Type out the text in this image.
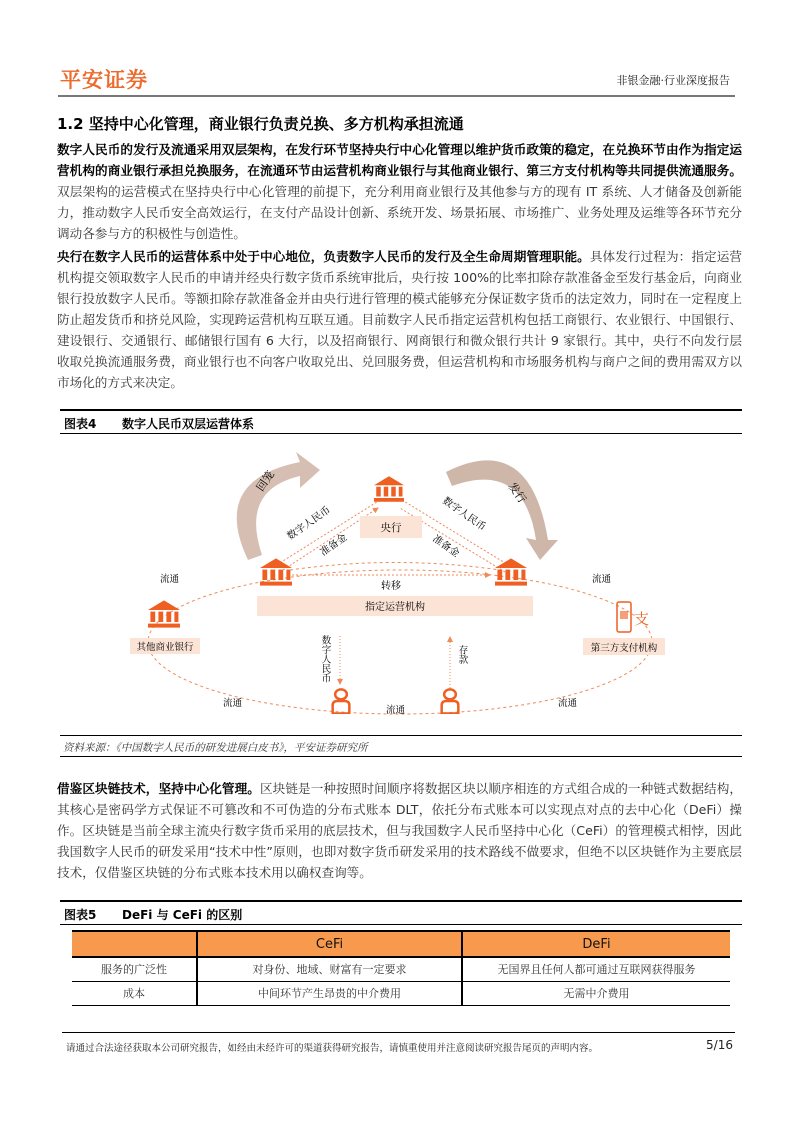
平安证券	非银金融·行业深度报告
1.2 坚持中心化管理，商业银行负责兑换、多方机构承担流通
数字人民币的发行及流通采用双层架构，在发行环节坚持央行中心化管理以维护货币政策的稳定，在兑换环节由作为指定运营机构的商业银行承担兑换服务，在流通环节由运营机构商业银行与其他商业银行、第三方支付机构等共同提供流通服务。双层架构的运营模式在坚持央行中心化管理的前提下，充分利用商业银行及其他参与方的现有 IT 系统、人才储备及创新能力，推动数字人民币安全高效运行，在支付产品设计创新、系统开发、场景拓展、市场推广、业务处理及运维等各环节充分调动各参与方的积极性与创造性。
央行在数字人民币的运营体系中处于中心地位，负责数字人民币的发行及全生命周期管理职能。具体发行过程为：指定运营机构提交领取数字人民币的申请并经央行数字货币系统审批后，央行按 100%的比率扣除存款准备金至发行基金后，向商业银行投放数字人民币。等额扣除存款准备金并由央行进行管理的模式能够充分保证数字货币的法定效力，同时在一定程度上防止超发货币和挤兑风险，实现跨运营机构互联互通。目前数字人民币指定运营机构包括工商银行、农业银行、中国银行、建设银行、交通银行、邮储银行国有 6 大行，以及招商银行、网商银行和微众银行共计 9 家银行。其中，央行不向发行层收取兑换流通服务费，商业银行也不向客户收取兑出、兑回服务费，但运营机构和市场服务机构与商户之间的费用需双方以市场化的方式来决定。
图表4 数字人民币双层运营体系
回笼	发行
央行
数字人民币
准备金
数字人民币
准备金
转移
指定运营机构
其他商业银行
支
第三方支付机构
流通	流通
流通
流通
流通
数字人民币	存款
资料来源：《中国数字人民币的研发进展白皮书》，平安证券研究所
借鉴区块链技术，坚持中心化管理。区块链是一种按照时间顺序将数据区块以顺序相连的方式组合成的一种链式数据结构，其核心是密码学方式保证不可篡改和不可伪造的分布式账本 DLT，依托分布式账本可以实现点对点的去中心化（DeFi）操作。区块链是当前全球主流央行数字货币采用的底层技术，但与我国数字人民币坚持中心化（CeFi）的管理模式相悖，因此我国数字人民币的研发采用“技术中性”原则，也即对数字货币研发采用的技术路线不做要求，但绝不以区块链作为主要底层技术，仅借鉴区块链的分布式账本技术用以确权查询等。
图表5 DeFi 与 CeFi 的区别
	CeFi	DeFi
服务的广泛性	对身份、地域、财富有一定要求	无国界且任何人都可通过互联网获得服务
成本	中间环节产生昂贵的中介费用	无需中介费用
请通过合法途径获取本公司研究报告，如经由未经许可的渠道获得研究报告，请慎重使用并注意阅读研究报告尾页的声明内容。	5/16
